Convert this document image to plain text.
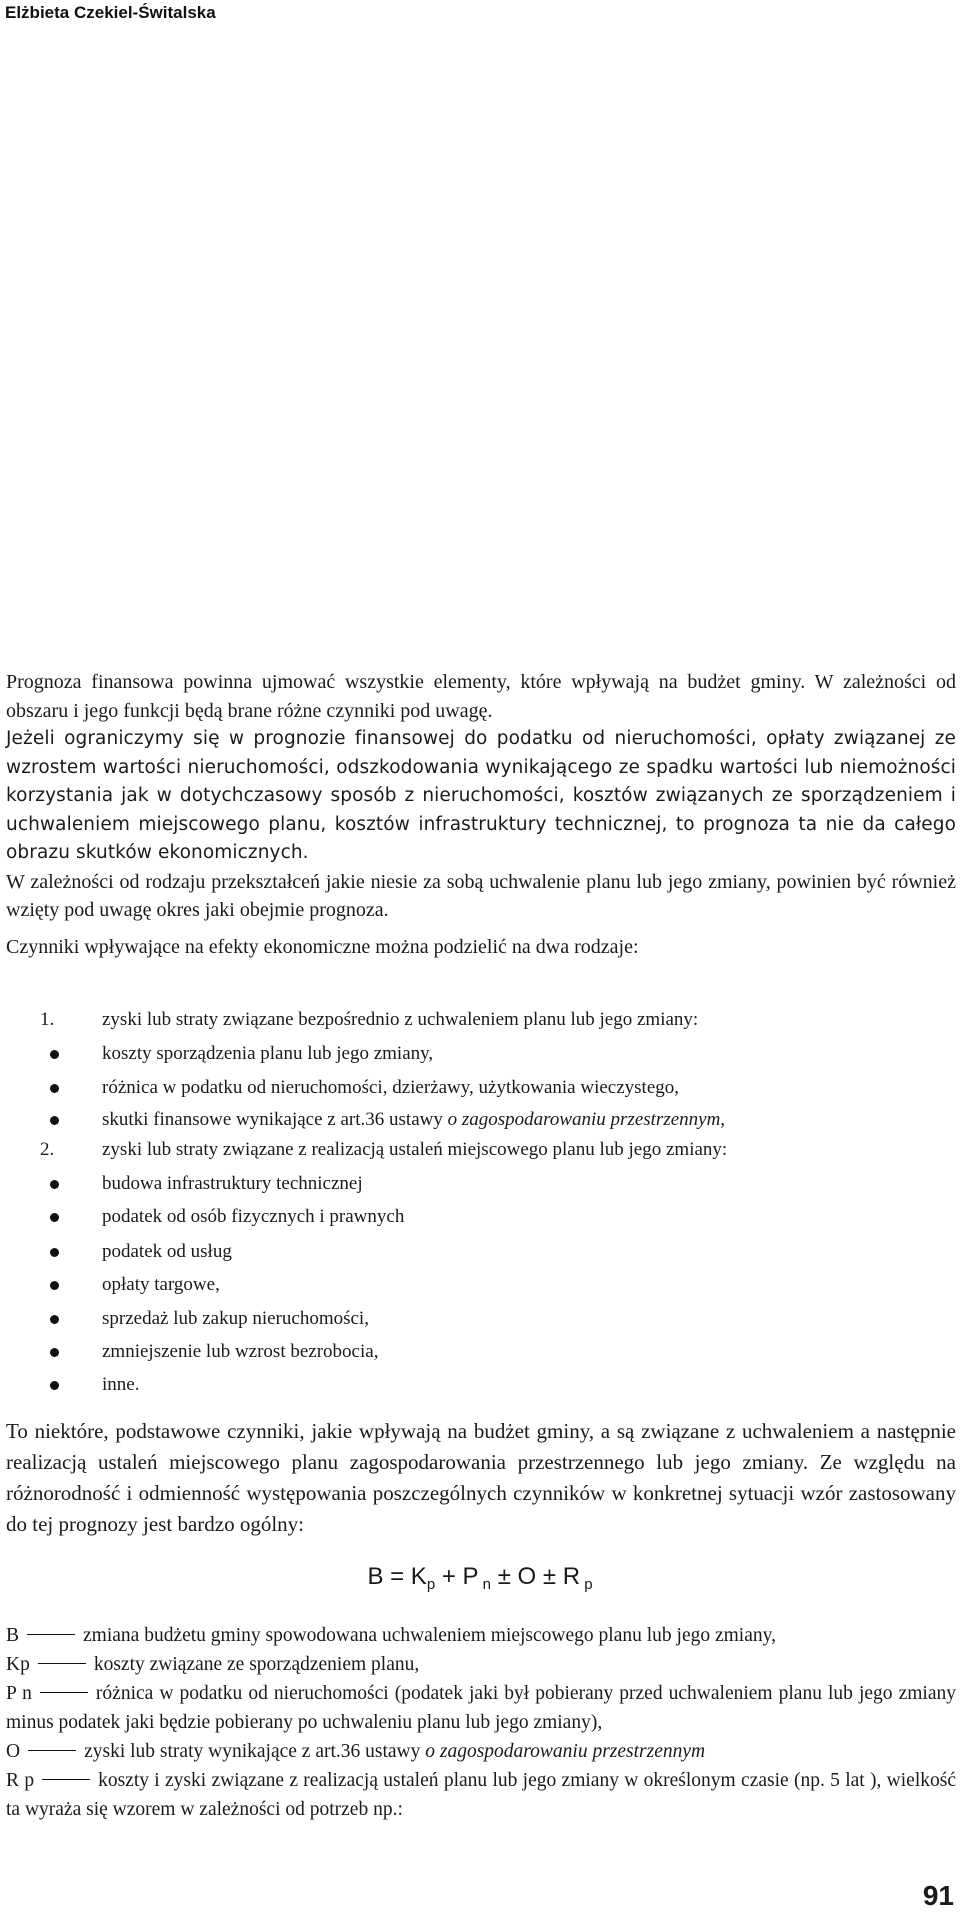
Elżbieta Czekiel-Świtalska

Prognoza finansowa powinna ujmować wszystkie elementy, które wpływają na budżet gminy. W zależności od obszaru i jego funkcji będą brane różne czynniki pod uwagę.

Jeżeli ograniczymy się w prognozie finansowej do podatku od nieruchomości, opłaty związanej ze wzrostem wartości nieruchomości, odszkodowania wynikającego ze spadku wartości lub niemożności korzystania jak w dotychczasowy sposób z nieruchomości, kosztów związanych ze sporządzeniem i uchwaleniem miejscowego planu, kosztów infrastruktury technicznej, to prognoza ta nie da całego obrazu skutków ekonomicznych.

W zależności od rodzaju przekształceń jakie niesie za sobą uchwalenie planu lub jego zmiany, powinien być również wzięty pod uwagę okres jaki obejmie prognoza.

Czynniki wpływające na efekty ekonomiczne można podzielić na dwa rodzaje:

1.	zyski lub straty związane bezpośrednio z uchwaleniem planu lub jego zmiany:
koszty sporządzenia planu lub jego zmiany,
różnica w podatku od nieruchomości, dzierżawy, użytkowania wieczystego,
skutki finansowe wynikające z art.36 ustawy o zagospodarowaniu przestrzennym,
2.	zyski lub straty związane z realizacją ustaleń miejscowego planu lub jego zmiany:
budowa infrastruktury technicznej
podatek od osób fizycznych i prawnych
podatek od usług
opłaty targowe,
sprzedaż lub zakup nieruchomości,
zmniejszenie lub wzrost bezrobocia,
inne.

To niektóre, podstawowe czynniki, jakie wpływają na budżet gminy, a są związane z uchwaleniem a następnie realizacją ustaleń miejscowego planu zagospodarowania przestrzennego lub jego zmiany. Ze względu na różnorodność i odmienność występowania poszczególnych czynników w konkretnej sytuacji wzór zastosowany do tej prognozy jest bardzo ogólny:

$B = K_p + P$ $_n$ ± O ± R $_p$

B	zmiana budżetu gminy spowodowana uchwaleniem miejscowego planu lub jego zmiany,

Kp	koszty związane ze sporządzeniem planu,

P n	różnica w podatku od nieruchomości (podatek jaki był pobierany przed uchwaleniem planu lub jego zmiany minus podatek jaki będzie pobierany po uchwaleniu planu lub jego zmiany),

O	zyski lub straty wynikające z art.36 ustawy o zagospodarowaniu przestrzennym

R p	koszty i zyski związane z realizacją ustaleń planu lub jego zmiany w określonym czasie (np. 5 lat ), wielkość ta wyraża się wzorem w zależności od potrzeb np.:

91
